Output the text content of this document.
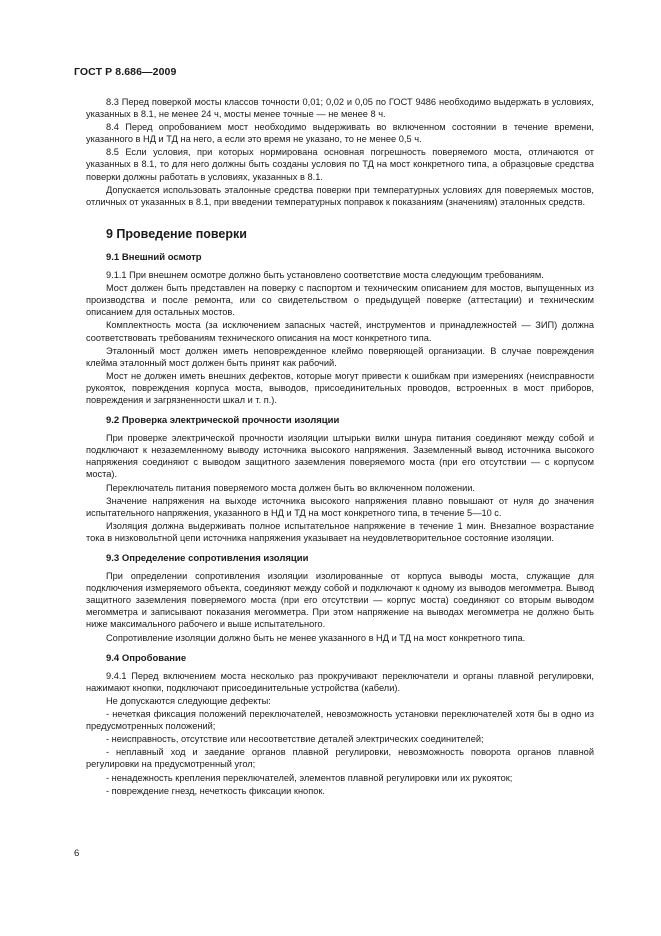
ГОСТ Р 8.686—2009

8.3 Перед поверкой мосты классов точности 0,01; 0,02 и 0,05 по ГОСТ 9486 необходимо выдержать в условиях, указанных в 8.1, не менее 24 ч, мосты менее точные — не менее 8 ч.

8.4 Перед опробованием мост необходимо выдерживать во включенном состоянии в течение времени, указанного в НД и ТД на него, а если это время не указано, то не менее 0,5 ч.

8.5 Если условия, при которых нормирована основная погрешность поверяемого моста, отличаются от указанных в 8.1, то для него должны быть созданы условия по ТД на мост конкретного типа, а образцовые средства поверки должны работать в условиях, указанных в 8.1.

Допускается использовать эталонные средства поверки при температурных условиях для поверяемых мостов, отличных от указанных в 8.1, при введении температурных поправок к показаниям (значениям) эталонных средств.

9 Проведение поверки
9.1 Внешний осмотр

9.1.1 При внешнем осмотре должно быть установлено соответствие моста следующим требованиям.

Мост должен быть представлен на поверку с паспортом и техническим описанием для мостов, выпущенных из производства и после ремонта, или со свидетельством о предыдущей поверке (аттестации) и техническим описанием для остальных мостов.

Комплектность моста (за исключением запасных частей, инструментов и принадлежностей — ЗИП) должна соответствовать требованиям технического описания на мост конкретного типа.

Эталонный мост должен иметь неповрежденное клеймо поверяющей организации. В случае повреждения клейма эталонный мост должен быть принят как рабочий.

Мост не должен иметь внешних дефектов, которые могут привести к ошибкам при измерениях (неисправности рукояток, повреждения корпуса моста, выводов, присоединительных проводов, встроенных в мост приборов, повреждения и загрязненности шкал и т. п.).

9.2 Проверка электрической прочности изоляции

При проверке электрической прочности изоляции штырьки вилки шнура питания соединяют между собой и подключают к незаземленному выводу источника высокого напряжения. Заземленный вывод источника высокого напряжения соединяют с выводом защитного заземления поверяемого моста (при его отсутствии — с корпусом моста).

Переключатель питания поверяемого моста должен быть во включенном положении.

Значение напряжения на выходе источника высокого напряжения плавно повышают от нуля до значения испытательного напряжения, указанного в НД и ТД на мост конкретного типа, в течение 5—10 с.

Изоляция должна выдерживать полное испытательное напряжение в течение 1 мин. Внезапное возрастание тока в низковольтной цепи источника напряжения указывает на неудовлетворительное состояние изоляции.

9.3 Определение сопротивления изоляции

При определении сопротивления изоляции изолированные от корпуса выводы моста, служащие для подключения измеряемого объекта, соединяют между собой и подключают к одному из выводов мегомметра. Вывод защитного заземления поверяемого моста (при его отсутствии — корпус моста) соединяют со вторым выводом мегомметра и записывают показания мегомметра. При этом напряжение на выводах мегомметра не должно быть ниже максимального рабочего и выше испытательного.

Сопротивление изоляции должно быть не менее указанного в НД и ТД на мост конкретного типа.

9.4 Опробование

9.4.1 Перед включением моста несколько раз прокручивают переключатели и органы плавной регулировки, нажимают кнопки, подключают присоединительные устройства (кабели).

Не допускаются следующие дефекты:

- нечеткая фиксация положений переключателей, невозможность установки переключателей хотя бы в одно из предусмотренных положений;

- неисправность, отсутствие или несоответствие деталей электрических соединителей;

- неплавный ход и заедание органов плавной регулировки, невозможность поворота органов плавной регулировки на предусмотренный угол;

- ненадежность крепления переключателей, элементов плавной регулировки или их рукояток;

- повреждение гнезд, нечеткость фиксации кнопок.

6
